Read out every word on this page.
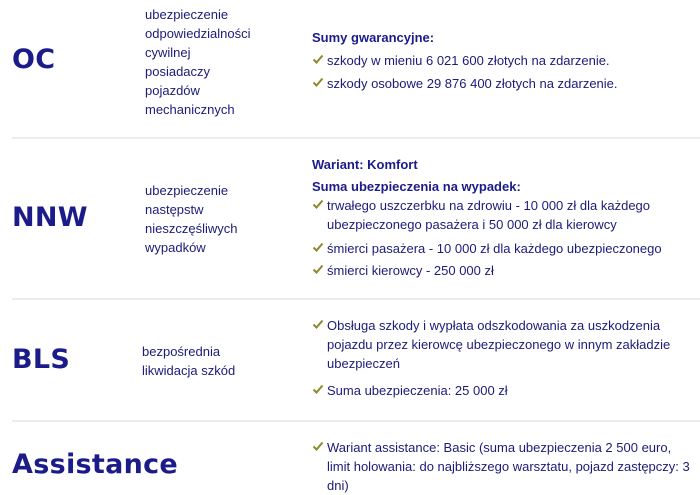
OC
ubezpieczenie
odpowiedzialności
cywilnej
posiadaczy
pojazdów
mechanicznych
Sumy gwarancyjne:
szkody w mieniu 6 021 600 złotych na zdarzenie.
szkody osobowe 29 876 400 złotych na zdarzenie.
NNW
ubezpieczenie
następstw
nieszczęśliwych
wypadków
Wariant: Komfort
Suma ubezpieczenia na wypadek:
trwałego uszczerbku na zdrowiu - 10 000 zł dla każdego
ubezpieczonego pasażera i 50 000 zł dla kierowcy
śmierci pasażera - 10 000 zł dla każdego ubezpieczonego
śmierci kierowcy - 250 000 zł
BLS	bezpośrednia
likwidacja szkód
Obsługa szkody i wypłata odszkodowania za uszkodzenia
pojazdu przez kierowcę ubezpieczonego w innym zakładzie
ubezpieczeń
Suma ubezpieczenia: 25 000 zł
Assistance
Wariant assistance: Basic (suma ubezpieczenia 2 500 euro,
limit holowania: do najbliższego warsztatu, pojazd zastępczy: 3
dni)
